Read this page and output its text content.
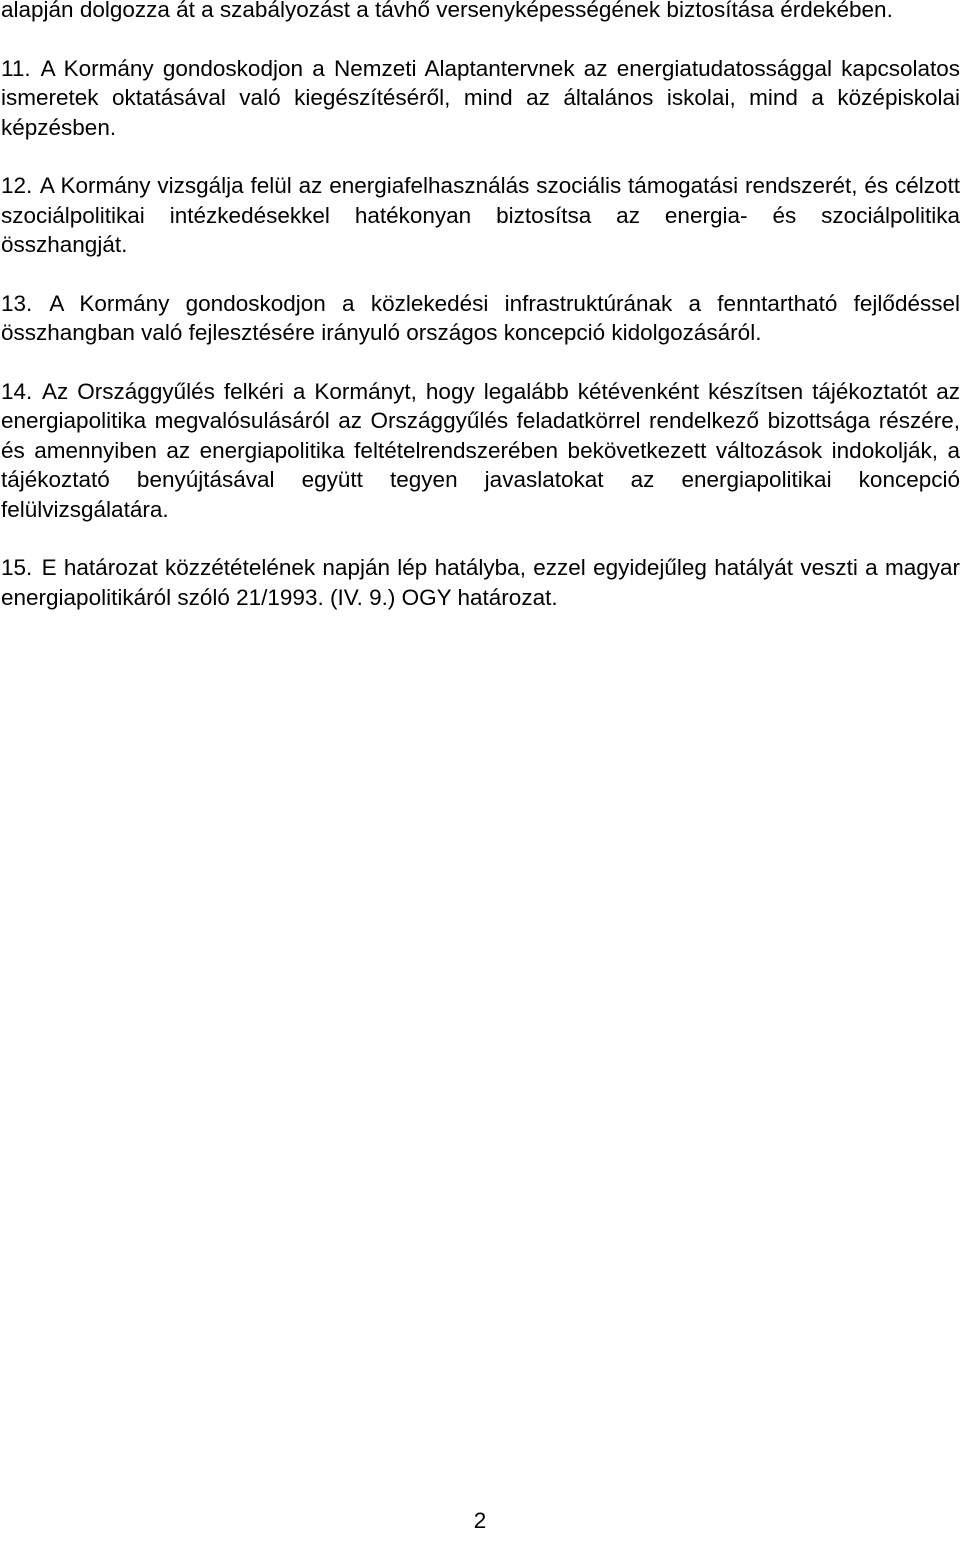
alapján dolgozza át a szabályozást a távhő versenyképességének biztosítása érdekében.

11. A Kormány gondoskodjon a Nemzeti Alaptantervnek az energiatudatossággal kapcsolatos ismeretek oktatásával való kiegészítéséről, mind az általános iskolai, mind a középiskolai képzésben.

12. A Kormány vizsgálja felül az energiafelhasználás szociális támogatási rendszerét, és célzott szociálpolitikai intézkedésekkel hatékonyan biztosítsa az energia- és szociálpolitika összhangját.

13. A Kormány gondoskodjon a közlekedési infrastruktúrának a fenntartható fejlődéssel összhangban való fejlesztésére irányuló országos koncepció kidolgozásáról.

14. Az Országgyűlés felkéri a Kormányt, hogy legalább kétévenként készítsen tájékoztatót az energiapolitika megvalósulásáról az Országgyűlés feladatkörrel rendelkező bizottsága részére, és amennyiben az energiapolitika feltételrendszerében bekövetkezett változások indokolják, a tájékoztató benyújtásával együtt tegyen javaslatokat az energiapolitikai koncepció felülvizsgálatára.

15. E határozat közzétételének napján lép hatályba, ezzel egyidejűleg hatályát veszti a magyar energiapolitikáról szóló 21/1993. (IV. 9.) OGY határozat.

2
